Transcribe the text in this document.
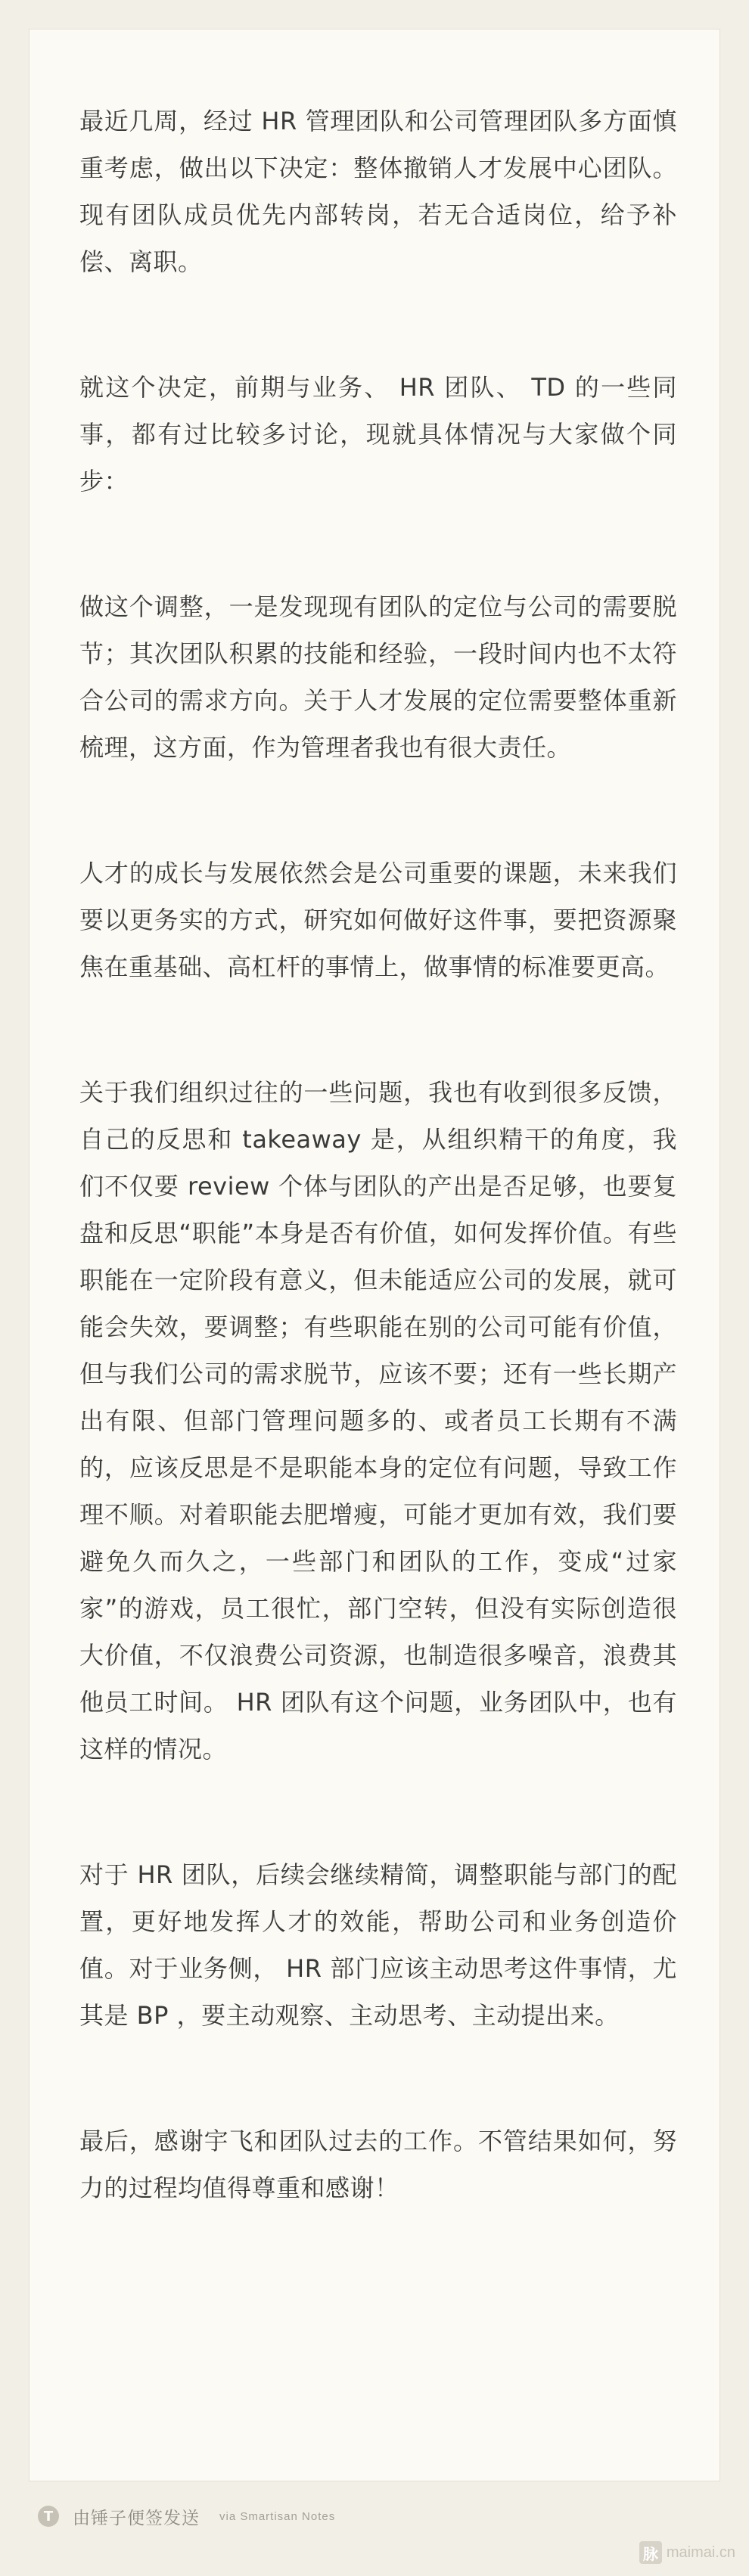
最近几周，经过 HR 管理团队和公司管理团队多方面慎重考虑，做出以下决定：整体撤销人才发展中心团队。现有团队成员优先内部转岗，若无合适岗位，给予补偿、离职。

就这个决定，前期与业务、 HR 团队、 TD 的一些同事，都有过比较多讨论，现就具体情况与大家做个同步：

做这个调整，一是发现现有团队的定位与公司的需要脱节；其次团队积累的技能和经验，一段时间内也不太符合公司的需求方向。关于人才发展的定位需要整体重新梳理，这方面，作为管理者我也有很大责任。

人才的成长与发展依然会是公司重要的课题，未来我们要以更务实的方式，研究如何做好这件事，要把资源聚焦在重基础、高杠杆的事情上，做事情的标准要更高。

关于我们组织过往的一些问题，我也有收到很多反馈，自己的反思和 takeaway 是，从组织精干的角度，我们不仅要 review 个体与团队的产出是否足够，也要复盘和反思“职能”本身是否有价值，如何发挥价值。有些职能在一定阶段有意义，但未能适应公司的发展，就可能会失效，要调整；有些职能在别的公司可能有价值，但与我们公司的需求脱节，应该不要；还有一些长期产出有限、但部门管理问题多的、或者员工长期有不满的，应该反思是不是职能本身的定位有问题，导致工作理不顺。对着职能去肥增瘦，可能才更加有效，我们要避免久而久之，一些部门和团队的工作，变成“过家家”的游戏，员工很忙，部门空转，但没有实际创造很大价值，不仅浪费公司资源，也制造很多噪音，浪费其他员工时间。 HR 团队有这个问题，业务团队中，也有这样的情况。

对于 HR 团队，后续会继续精简，调整职能与部门的配置，更好地发挥人才的效能，帮助公司和业务创造价值。对于业务侧， HR 部门应该主动思考这件事情，尤其是 BP ，要主动观察、主动思考、主动提出来。

最后，感谢宇飞和团队过去的工作。不管结果如何，努力的过程均值得尊重和感谢！

T	由锤子便签发送 via Smartisan Notes
脉 maimai.cn
